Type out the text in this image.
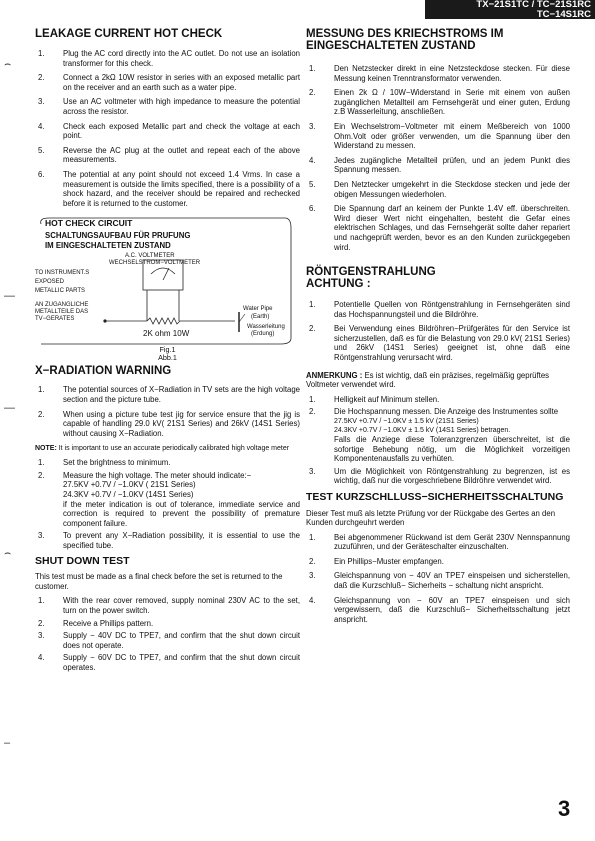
TX−21S1TC / TC−21S1RC
TC−14S1RC
⌢
—
—
⌢
–
LEAKAGE CURRENT HOT CHECK
1. Plug the AC cord directly into the AC outlet. Do not use an isolation transformer for this check.
2. Connect a 2kΩ 10W resistor in series with an exposed metallic part on the receiver and an earth such as a water pipe.
3. Use an AC voltmeter with high impedance to measure the potential across the resistor.
4. Check each exposed Metallic part and check the voltage at each point.
5. Reverse the AC plug at the outlet and repeat each of the above measurements.
6. The potential at any point should not exceed 1.4 Vrms. In case a measurement is outside the limits specified, there is a possibility of a shock hazard, and the receiver should be repaired and rechecked before it is returned to the customer.
HOT CHECK CIRCUIT
SCHALTUNGSAUFBAU FÜR PRUFUNG
IM EINGESCHALTETEN ZUSTAND
A.C. VOLTMETER
WECHSELSTROM−VOLTMETER
TO INSTRUMENT.S
EXPOSED
METALLIC PARTS
AN ZUGANGLICHE
METALLTEILE DAS
TV−GERATES
2K ohm 10W
Water Pipe
(Earth)
Wasserleitung
(Erdung)
Fig.1
Abb.1
X−RADIATION WARNING
1. The potential sources of X−Radiation in TV sets are the high voltage section and the picture tube.
2. When using a picture tube test jig for service ensure that the jig is capable of handling 29.0 kV( 21S1 Series) and 26kV (14S1 Series) without causing X−Radiation.

NOTE: It is important to use an accurate periodically calibrated high voltage meter

1. Set the brightness to minimum.
2. Measure the high voltage. The meter should indicate:−
27.5KV +0.7V / −1.0KV ( 21S1 Series)
24.3KV +0.7V / −1.0KV (14S1 Series)
if the meter indication is out of tolerance, immediate service and correction is required to prevent the possibility of premature component failure.
3. To prevent any X−Radiation possibility, it is essential to use the specified tube.
SHUT DOWN TEST

This test must be made as a final check before the set is returned to the customer.

1. With the rear cover removed, supply nominal 230V AC to the set, turn on the power switch.
2. Receive a Phillips pattern.
3. Supply − 40V DC to TPE7, and confirm that the shut down circuit does not operate.
4. Supply − 60V DC to TPE7, and confirm that the shut down circuit operates.
MESSUNG DES KRIECHSTROMS IM
EINGESCHALTETEN ZUSTAND
1. Den Netzstecker direkt in eine Netzsteckdose stecken. Für diese Messung keinen Trenntransformator verwenden.
2. Einen 2k Ω / 10W−Widerstand in Serie mit einem von außen zugänglichen Metallteil am Fernsehgerät und einer guten, Erdung z.B Wasserleitung, anschließen.
3. Ein Wechselstrom−Voltmeter mit einem Meßbereich von 1000 Ohm.Volt oder größer verwenden, um die Spannung über den Widerstand zu messen.
4. Jedes zugängliche Metallteil prüfen, und an jedem Punkt dies Spannung messen.
5. Den Netztecker umgekehrt in die Steckdose stecken und jede der obigen Messungen wiederholen.
6. Die Spannung darf an keinem der Punkte 1.4V eff. überschreiten. Wird dieser Wert nicht eingehalten, besteht die Gefar eines elektrischen Schlages, und das Fernsehgerät sollte daher repariert und nachgeprüft werden, bevor es an den Kunden zurückgegeben wird.
RÖNTGENSTRAHLUNG
ACHTUNG :
1. Potentielle Quellen von Röntgenstrahlung in Fernsehgeräten sind das Hochspannungsteil und die Bildröhre.
2. Bei Verwendung eines Bildröhren−Prüfgerätes für den Service ist sicherzustellen, daß es für die Belastung von 29.0 kV( 21S1 Series) und 26kV (14S1 Series) geeignet ist, ohne daß eine Röntgenstrahlung verursacht wird.

ANMERKUNG : Es ist wichtig, daß ein präzises, regelmäßig geprüftes Voltmeter verwendet wird.

1. Helligkeit auf Minimum stellen.
2. Die Hochspannung messen. Die Anzeige des Instrumentes sollte
27.5KV +0.7V / −1.0KV ± 1.5 kV (21S1 Series)
24.3KV +0.7V / −1.0KV ± 1.5 kV (14S1 Series) betragen.
Falls die Anziege diese Toleranzgrenzen überschreitet, ist die sofortige Behebung nötig, um die Möglichkeit vorzeitigen Komponentenausfalls zu verhüten.
3. Um die Möglichkeit von Röntgenstrahlung zu begrenzen, ist es wichtig, daß nur die vorgeschriebene Bildröhre verwendet wird.
TEST KURZSCHLLUSS−SICHERHEITSSCHALTUNG

Dieser Test muß als letzte Prüfung vor der Rückgabe des Gertes an den Kunden durchgeuhrt werden

1. Bei abgenommener Rückwand ist dem Gerät 230V Nennspannung zuzuführen, und der Geräteschalter einzuschalten.
2. Ein Phillips−Muster empfangen.
3. Gleichspannung von − 40V an TPE7 einspeisen und sicherstellen, daß die Kurzschluß− Sicherheits − schaltung nicht anspricht.
4. Gleichspannung von − 60V an TPE7 einspeisen und sich vergewissern, daß die Kurzschluß− Sicherheitsschaltung jetzt anspricht.
3
